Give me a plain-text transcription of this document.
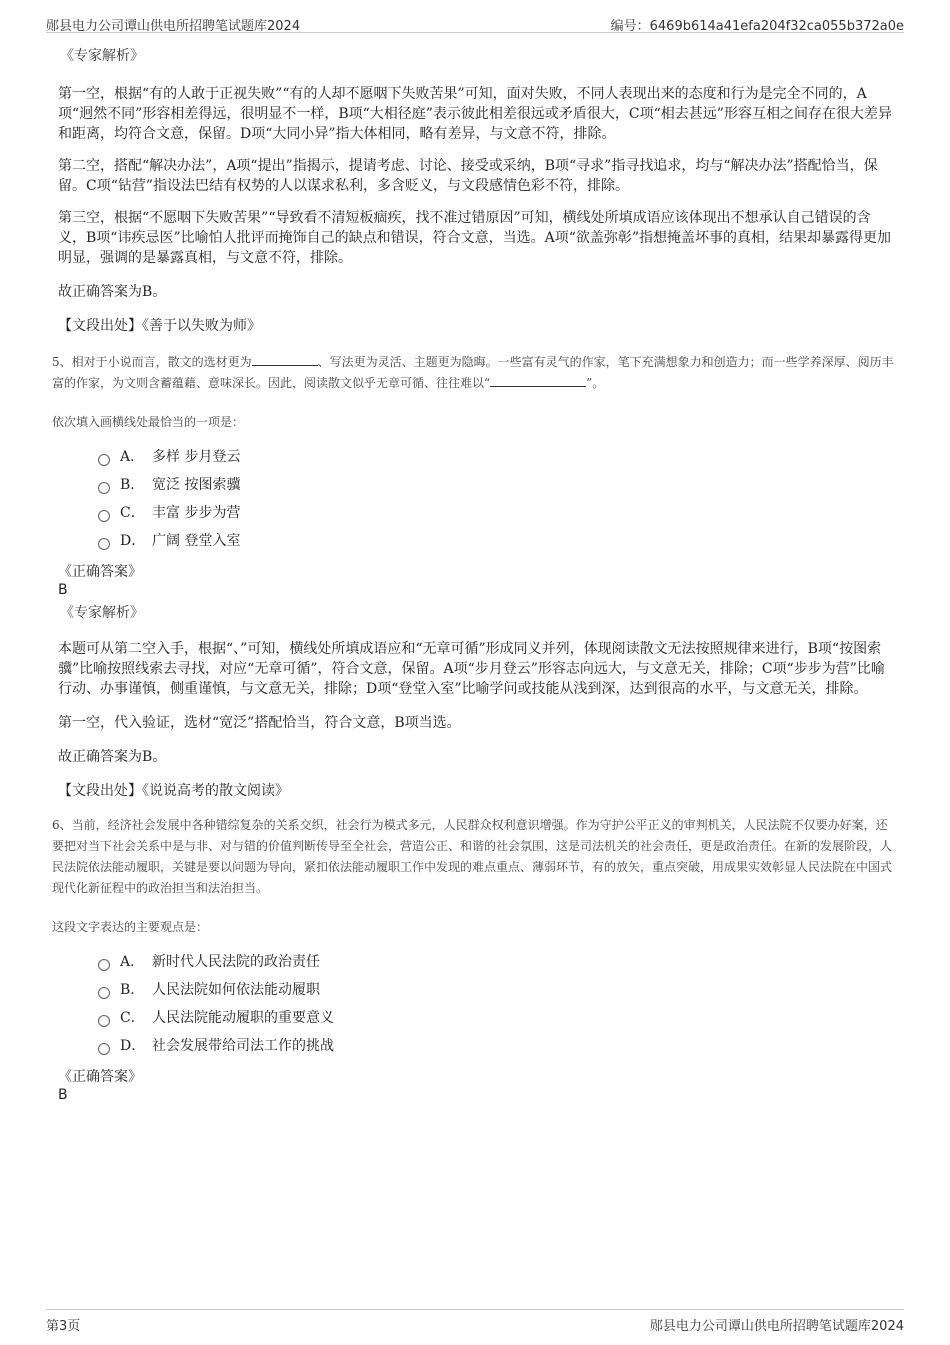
郧县电力公司谭山供电所招聘笔试题库2024	编号：6469b614a41efa204f32ca055b372a0e
《专家解析》

第一空，根据“有的人敢于正视失败”“有的人却不愿咽下失败苦果”可知，面对失败，不同人表现出来的态度和行为是完全不同的，A项“迥然不同”形容相差得远，很明显不一样，B项“大相径庭”表示彼此相差很远或矛盾很大，C项“相去甚远”形容互相之间存在很大差异和距离，均符合文意，保留。D项“大同小异”指大体相同，略有差异，与文意不符，排除。

第二空，搭配“解决办法”，A项“提出”指揭示，提请考虑、讨论、接受或采纳，B项“寻求”指寻找追求，均与“解决办法”搭配恰当，保留。C项“钻营”指设法巴结有权势的人以谋求私利，多含贬义，与文段感情色彩不符，排除。

第三空，根据“不愿咽下失败苦果”“导致看不清短板痼疾，找不准过错原因”可知，横线处所填成语应该体现出不想承认自己错误的含义，B项“讳疾忌医”比喻怕人批评而掩饰自己的缺点和错误，符合文意，当选。A项“欲盖弥彰”指想掩盖坏事的真相，结果却暴露得更加明显，强调的是暴露真相，与文意不符，排除。

故正确答案为B。

【文段出处】《善于以失败为师》

5、相对于小说而言，散文的选材更为	、写法更为灵活、主题更为隐晦。一些富有灵气的作家，笔下充满想象力和创造力；而一些学养深厚、阅历丰富的作家，为文则含蓄蕴藉、意味深长。因此，阅读散文似乎无章可循、往往难以“	”。

依次填入画横线处最恰当的一项是：

A． 多样 步月登云
B． 宽泛 按图索骥
C． 丰富 步步为营
D． 广阔 登堂入室
《正确答案》
B
《专家解析》

本题可从第二空入手，根据“、”可知，横线处所填成语应和“无章可循”形成同义并列，体现阅读散文无法按照规律来进行，B项“按图索骥”比喻按照线索去寻找，对应“无章可循”，符合文意，保留。A项“步月登云”形容志向远大，与文意无关，排除；C项“步步为营”比喻行动、办事谨慎，侧重谨慎，与文意无关，排除；D项“登堂入室”比喻学问或技能从浅到深，达到很高的水平，与文意无关，排除。

第一空，代入验证，选材“宽泛”搭配恰当，符合文意，B项当选。

故正确答案为B。

【文段出处】《说说高考的散文阅读》

6、当前，经济社会发展中各种错综复杂的关系交织，社会行为模式多元，人民群众权利意识增强。作为守护公平正义的审判机关，人民法院不仅要办好案，还要把对当下社会关系中是与非、对与错的价值判断传导至全社会，营造公正、和谐的社会氛围，这是司法机关的社会责任，更是政治责任。在新的发展阶段，人民法院依法能动履职，关键是要以问题为导向，紧扣依法能动履职工作中发现的难点重点、薄弱环节，有的放矢，重点突破，用成果实效彰显人民法院在中国式现代化新征程中的政治担当和法治担当。

这段文字表达的主要观点是：

A． 新时代人民法院的政治责任
B． 人民法院如何依法能动履职
C． 人民法院能动履职的重要意义
D． 社会发展带给司法工作的挑战
《正确答案》
B
第3页	郧县电力公司谭山供电所招聘笔试题库2024
